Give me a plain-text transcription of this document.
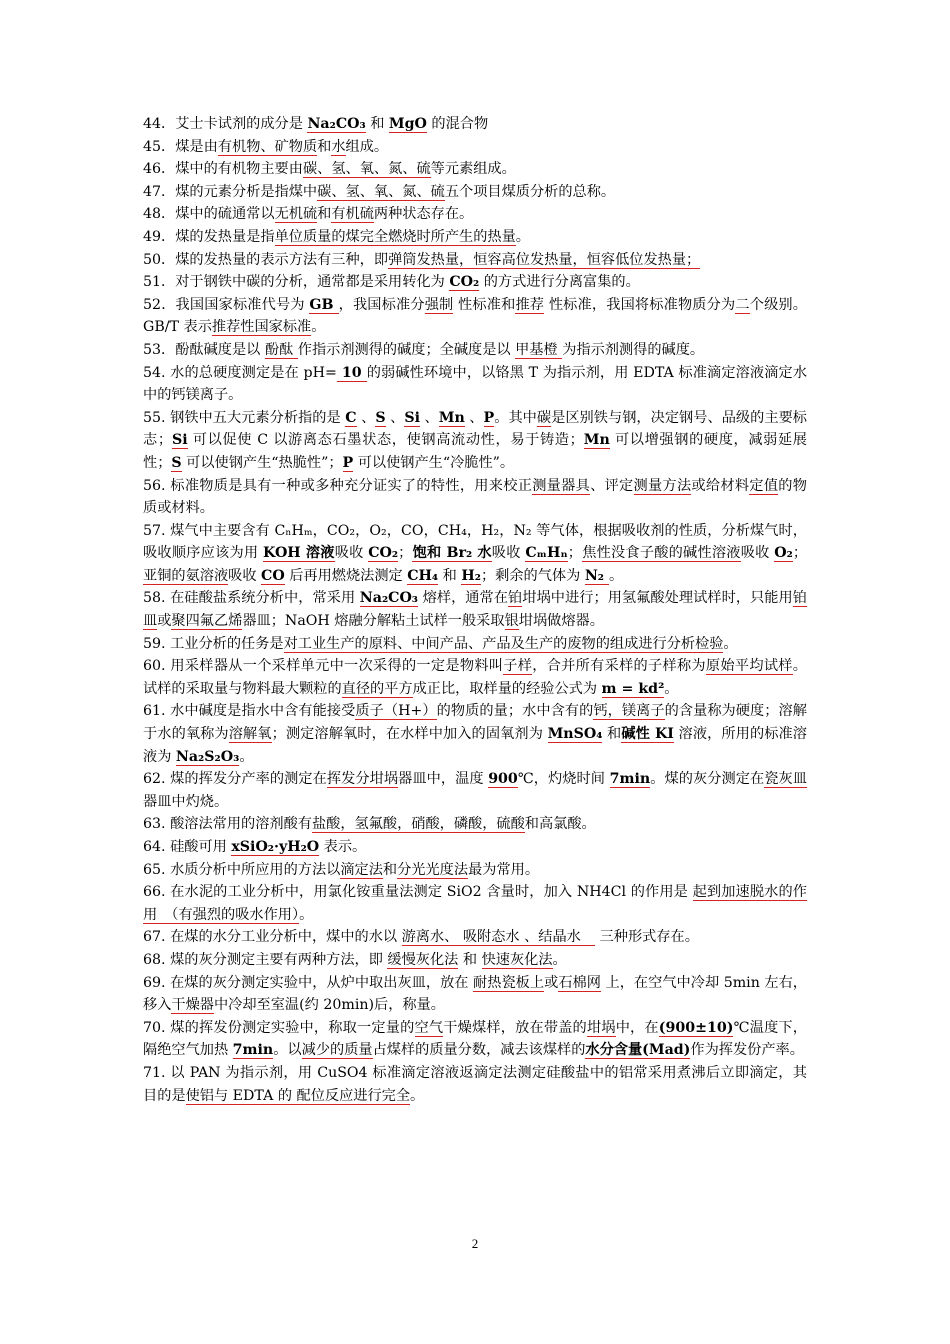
44．艾士卡试剂的成分是 Na₂CO₃ 和 MgO 的混合物

45．煤是由有机物、矿物质和水组成。

46．煤中的有机物主要由碳、氢、氧、氮、硫等元素组成。

47．煤的元素分析是指煤中碳、氢、氧、氮、硫五个项目煤质分析的总称。

48．煤中的硫通常以无机硫和有机硫两种状态存在。

49．煤的发热量是指单位质量的煤完全燃烧时所产生的热量。

50．煤的发热量的表示方法有三种，即弹筒发热量，恒容高位发热量，恒容低位发热量；

51．对于钢铁中碳的分析，通常都是采用转化为 CO₂ 的方式进行分离富集的。

52．我国国家标准代号为 GB ，我国标准分强制 性标准和推荐 性标准，我国将标准物质分为二个级别。GB/T 表示推荐性国家标准。

53．酚酞碱度是以 酚酞 作指示剂测得的碱度；全碱度是以 甲基橙 为指示剂测得的碱度。

54. 水的总硬度测定是在 pH= 10 的弱碱性环境中，以铬黑 T 为指示剂，用 EDTA 标准滴定溶液滴定水中的钙镁离子。

55. 钢铁中五大元素分析指的是 C 、S 、Si 、Mn 、P。其中碳是区别铁与钢，决定钢号、品级的主要标志；Si 可以促使 C 以游离态石墨状态，使钢高流动性，易于铸造；Mn 可以增强钢的硬度，减弱延展性；S 可以使钢产生“热脆性”；P 可以使钢产生“冷脆性”。

56. 标准物质是具有一种或多种充分证实了的特性，用来校正测量器具、评定测量方法或给材料定值的物质或材料。

57. 煤气中主要含有 CₙHₘ，CO₂，O₂，CO，CH₄，H₂，N₂ 等气体，根据吸收剂的性质，分析煤气时，吸收顺序应该为用 KOH 溶液吸收 CO₂；饱和 Br₂ 水吸收 CₘHₙ；焦性没食子酸的碱性溶液吸收 O₂；亚铜的氨溶液吸收 CO 后再用燃烧法测定 CH₄ 和 H₂；剩余的气体为 N₂ 。

58. 在硅酸盐系统分析中，常采用 Na₂CO₃ 熔样，通常在铂坩埚中进行；用氢氟酸处理试样时，只能用铂皿或聚四氟乙烯器皿；NaOH 熔融分解粘土试样一般采取银坩埚做熔器。

59. 工业分析的任务是对工业生产的原料、中间产品、产品及生产的废物的组成进行分析检验。

60. 用采样器从一个采样单元中一次采得的一定是物料叫子样，合并所有采样的子样称为原始平均试样。试样的采取量与物料最大颗粒的直径的平方成正比，取样量的经验公式为 m = kd²。

61. 水中碱度是指水中含有能接受质子（H+）的物质的量；水中含有的钙，镁离子的含量称为硬度；溶解于水的氧称为溶解氧；测定溶解氧时，在水样中加入的固氧剂为 MnSO₄ 和碱性 KI 溶液，所用的标准溶液为 Na₂S₂O₃。

62. 煤的挥发分产率的测定在挥发分坩埚器皿中，温度 900℃，灼烧时间 7min。煤的灰分测定在瓷灰皿器皿中灼烧。

63. 酸溶法常用的溶剂酸有盐酸，氢氟酸，硝酸，磷酸，硫酸和高氯酸。

64. 硅酸可用 xSiO₂·yH₂O 表示。

65. 水质分析中所应用的方法以滴定法和分光光度法最为常用。

66. 在水泥的工业分析中，用氯化铵重量法测定 SiO2 含量时，加入 NH4Cl 的作用是 起到加速脱水的作用　（有强烈的吸水作用）。

67. 在煤的水分工业分析中，煤中的水以 游离水、 吸附态水 、结晶水　 三种形式存在。

68. 煤的灰分测定主要有两种方法，即 缓慢灰化法 和 快速灰化法。

69. 在煤的灰分测定实验中，从炉中取出灰皿，放在 耐热瓷板上或石棉网 上，在空气中冷却 5min 左右，移入干燥器中冷却至室温(约 20min)后，称量。

70. 煤的挥发份测定实验中，称取一定量的空气干燥煤样，放在带盖的坩埚中，在(900±10)℃温度下，隔绝空气加热 7min。以减少的质量占煤样的质量分数，减去该煤样的水分含量(Mad)作为挥发份产率。

71. 以 PAN 为指示剂，用 CuSO4 标准滴定溶液返滴定法测定硅酸盐中的铝常采用煮沸后立即滴定，其目的是使铝与 EDTA 的 配位反应进行完全。

2
